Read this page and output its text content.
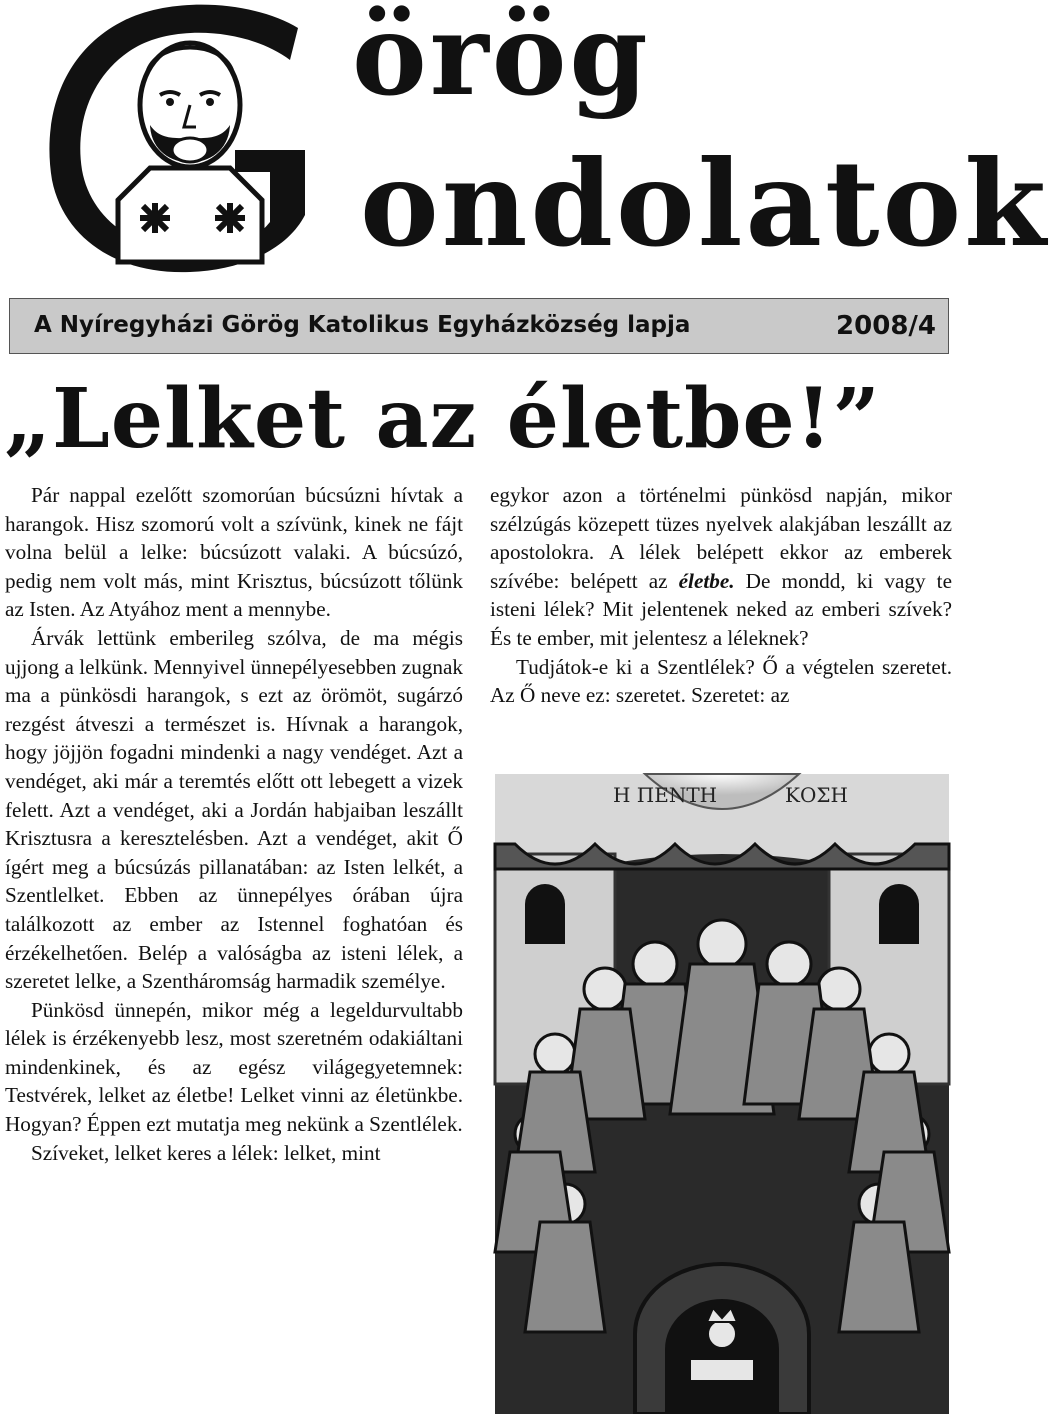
örög
ondolatok
A Nyíregyházi Görög Katolikus Egyházközség lapja	2008/4
„Lelket az életbe!”

Pár nappal ezelőtt szomorúan búcsúzni hívtak a harangok. Hisz szomorú volt a szívünk, kinek ne fájt volna belül a lelke: búcsúzott valaki. A búcsúzó, pedig nem volt más, mint Krisztus, búcsúzott tőlünk az Isten. Az Atyához ment a mennybe.

Árvák lettünk emberileg szólva, de ma mégis ujjong a lelkünk. Mennyivel ünnepélyesebben zugnak ma a pünkösdi harangok, s ezt az örömöt, sugárzó rezgést átveszi a természet is. Hívnak a harangok, hogy jöjjön fogadni mindenki a nagy vendéget. Azt a vendéget, aki már a teremtés előtt ott lebegett a vizek felett. Azt a vendéget, aki a Jordán habjaiban leszállt Krisztusra a keresztelésben. Azt a vendéget, akit Ő ígért meg a búcsúzás pillanatában: az Isten lelkét, a Szentlelket. Ebben az ünnepélyes órában újra találkozott az ember az Istennel foghatóan és érzékelhetően. Belép a valóságba az isteni lélek, a szeretet lelke, a Szentháromság harmadik személye.

Pünkösd ünnepén, mikor még a legeldurvultabb lélek is érzékenyebb lesz, most szeretném odakiáltani mindenkinek, és az egész világegyetemnek: Testvérek, lelket az életbe! Lelket vinni az életünkbe. Hogyan? Éppen ezt mutatja meg nekünk a Szentlélek.

Szíveket, lelket keres a lélek: lelket, mint

egykor azon a történelmi pünkösd napján, mikor szélzúgás közepett tüzes nyelvek alakjában leszállt az apostolokra. A lélek belépett ekkor az emberek szívébe: belépett az életbe. De mondd, ki vagy te isteni lélek? Mit jelentenek neked az emberi szívek? És te ember, mit jelentesz a léleknek?

Tudjátok-e ki a Szentlélek? Ő a végtelen szeretet. Az Ő neve ez: szeretet. Szeretet: az

Η ΠΕΝΤΗ	ΚΟΣΗ
